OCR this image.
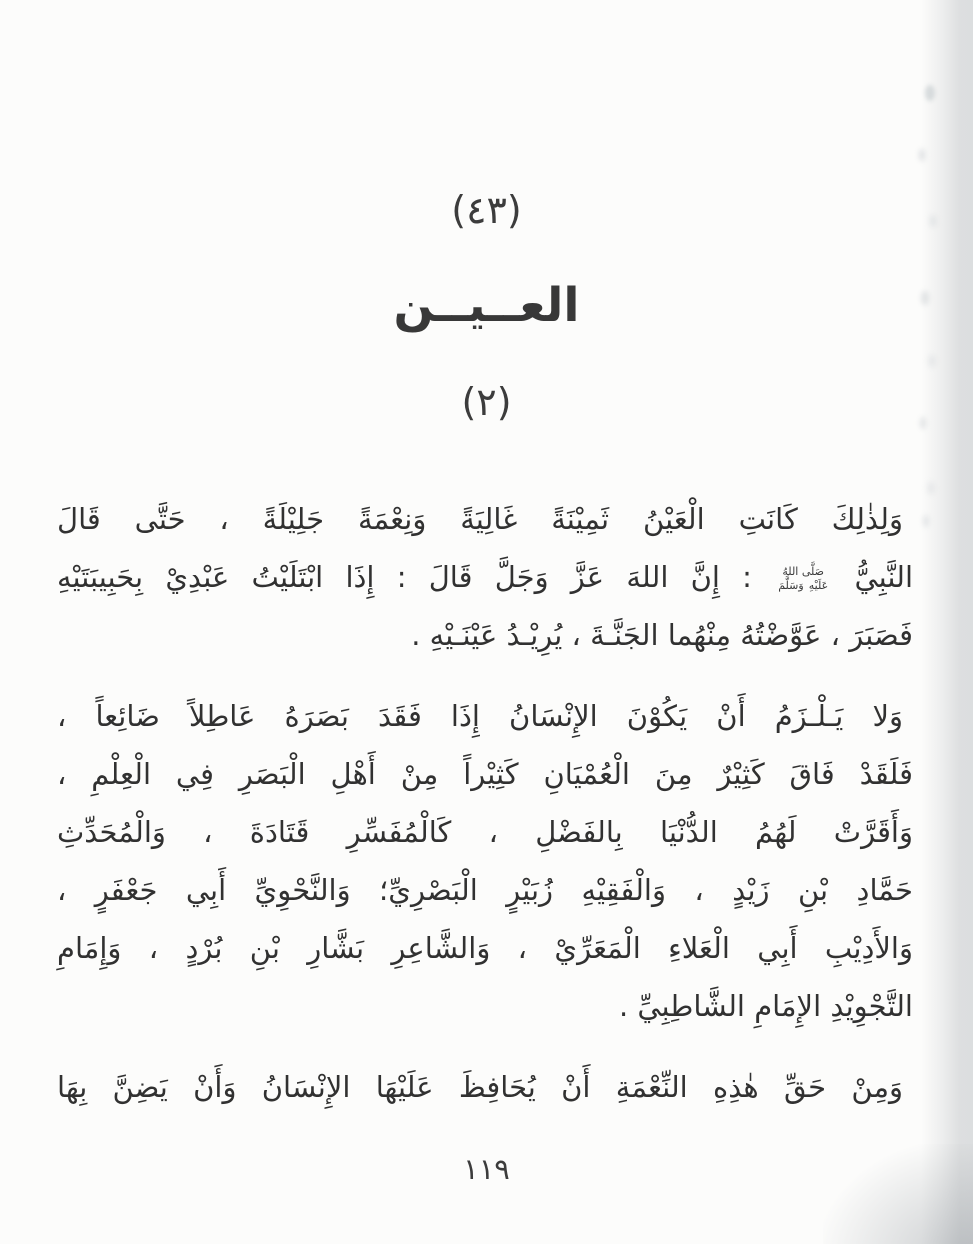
(٤٣)
العــيــن
(٢)
وَلِذٰلِكَ كَانَتِ الْعَيْنُ ثَمِيْنَةً غَالِيَةً وَنِعْمَةً جَلِيْلَةً ، حَتَّى قَالَ
النَّبِيُّ صَلَّى اللهُ عَلَيْهِ وَسَلَّمَ : إِنَّ اللهَ عَزَّ وَجَلَّ قَالَ : إِذَا ابْتَلَيْتُ عَبْدِيْ بِحَبِيبَتَيْهِ
فَصَبَرَ ، عَوَّضْتُهُ مِنْهُما الجَنَّـةَ ، يُرِيْـدُ عَيْنَـيْهِ .
وَلا يَـلْـزَمُ أَنْ يَكُوْنَ الإِنْسَانُ إِذَا فَقَدَ بَصَرَهُ عَاطِلاً ضَائِعاً ،
فَلَقَدْ فَاقَ كَثِيْرٌ مِنَ الْعُمْيَانِ كَثِيْراً مِنْ أَهْلِ الْبَصَرِ فِي الْعِلْمِ ،
وَأَقَرَّتْ لَهُمُ الدُّنْيَا بِالفَضْلِ ، كَالْمُفَسِّرِ قَتَادَةَ ، وَالْمُحَدِّثِ
حَمَّادِ بْنِ زَيْدٍ ، وَالْفَقِيْهِ زُبَيْرٍ الْبَصْرِيِّ؛ وَالنَّحْوِيِّ أَبِي جَعْفَرٍ ،
وَالأَدِيْبِ أَبِي الْعَلاءِ الْمَعَرِّيْ ، وَالشَّاعِرِ بَشَّارِ بْنِ بُرْدٍ ، وَإِمَامِ
التَّجْوِيْدِ الإِمَامِ الشَّاطِبِيِّ .
وَمِنْ حَقِّ هٰذِهِ النِّعْمَةِ أَنْ يُحَافِظَ عَلَيْهَا الإِنْسَانُ وَأَنْ يَضِنَّ بِهَا
١١٩
